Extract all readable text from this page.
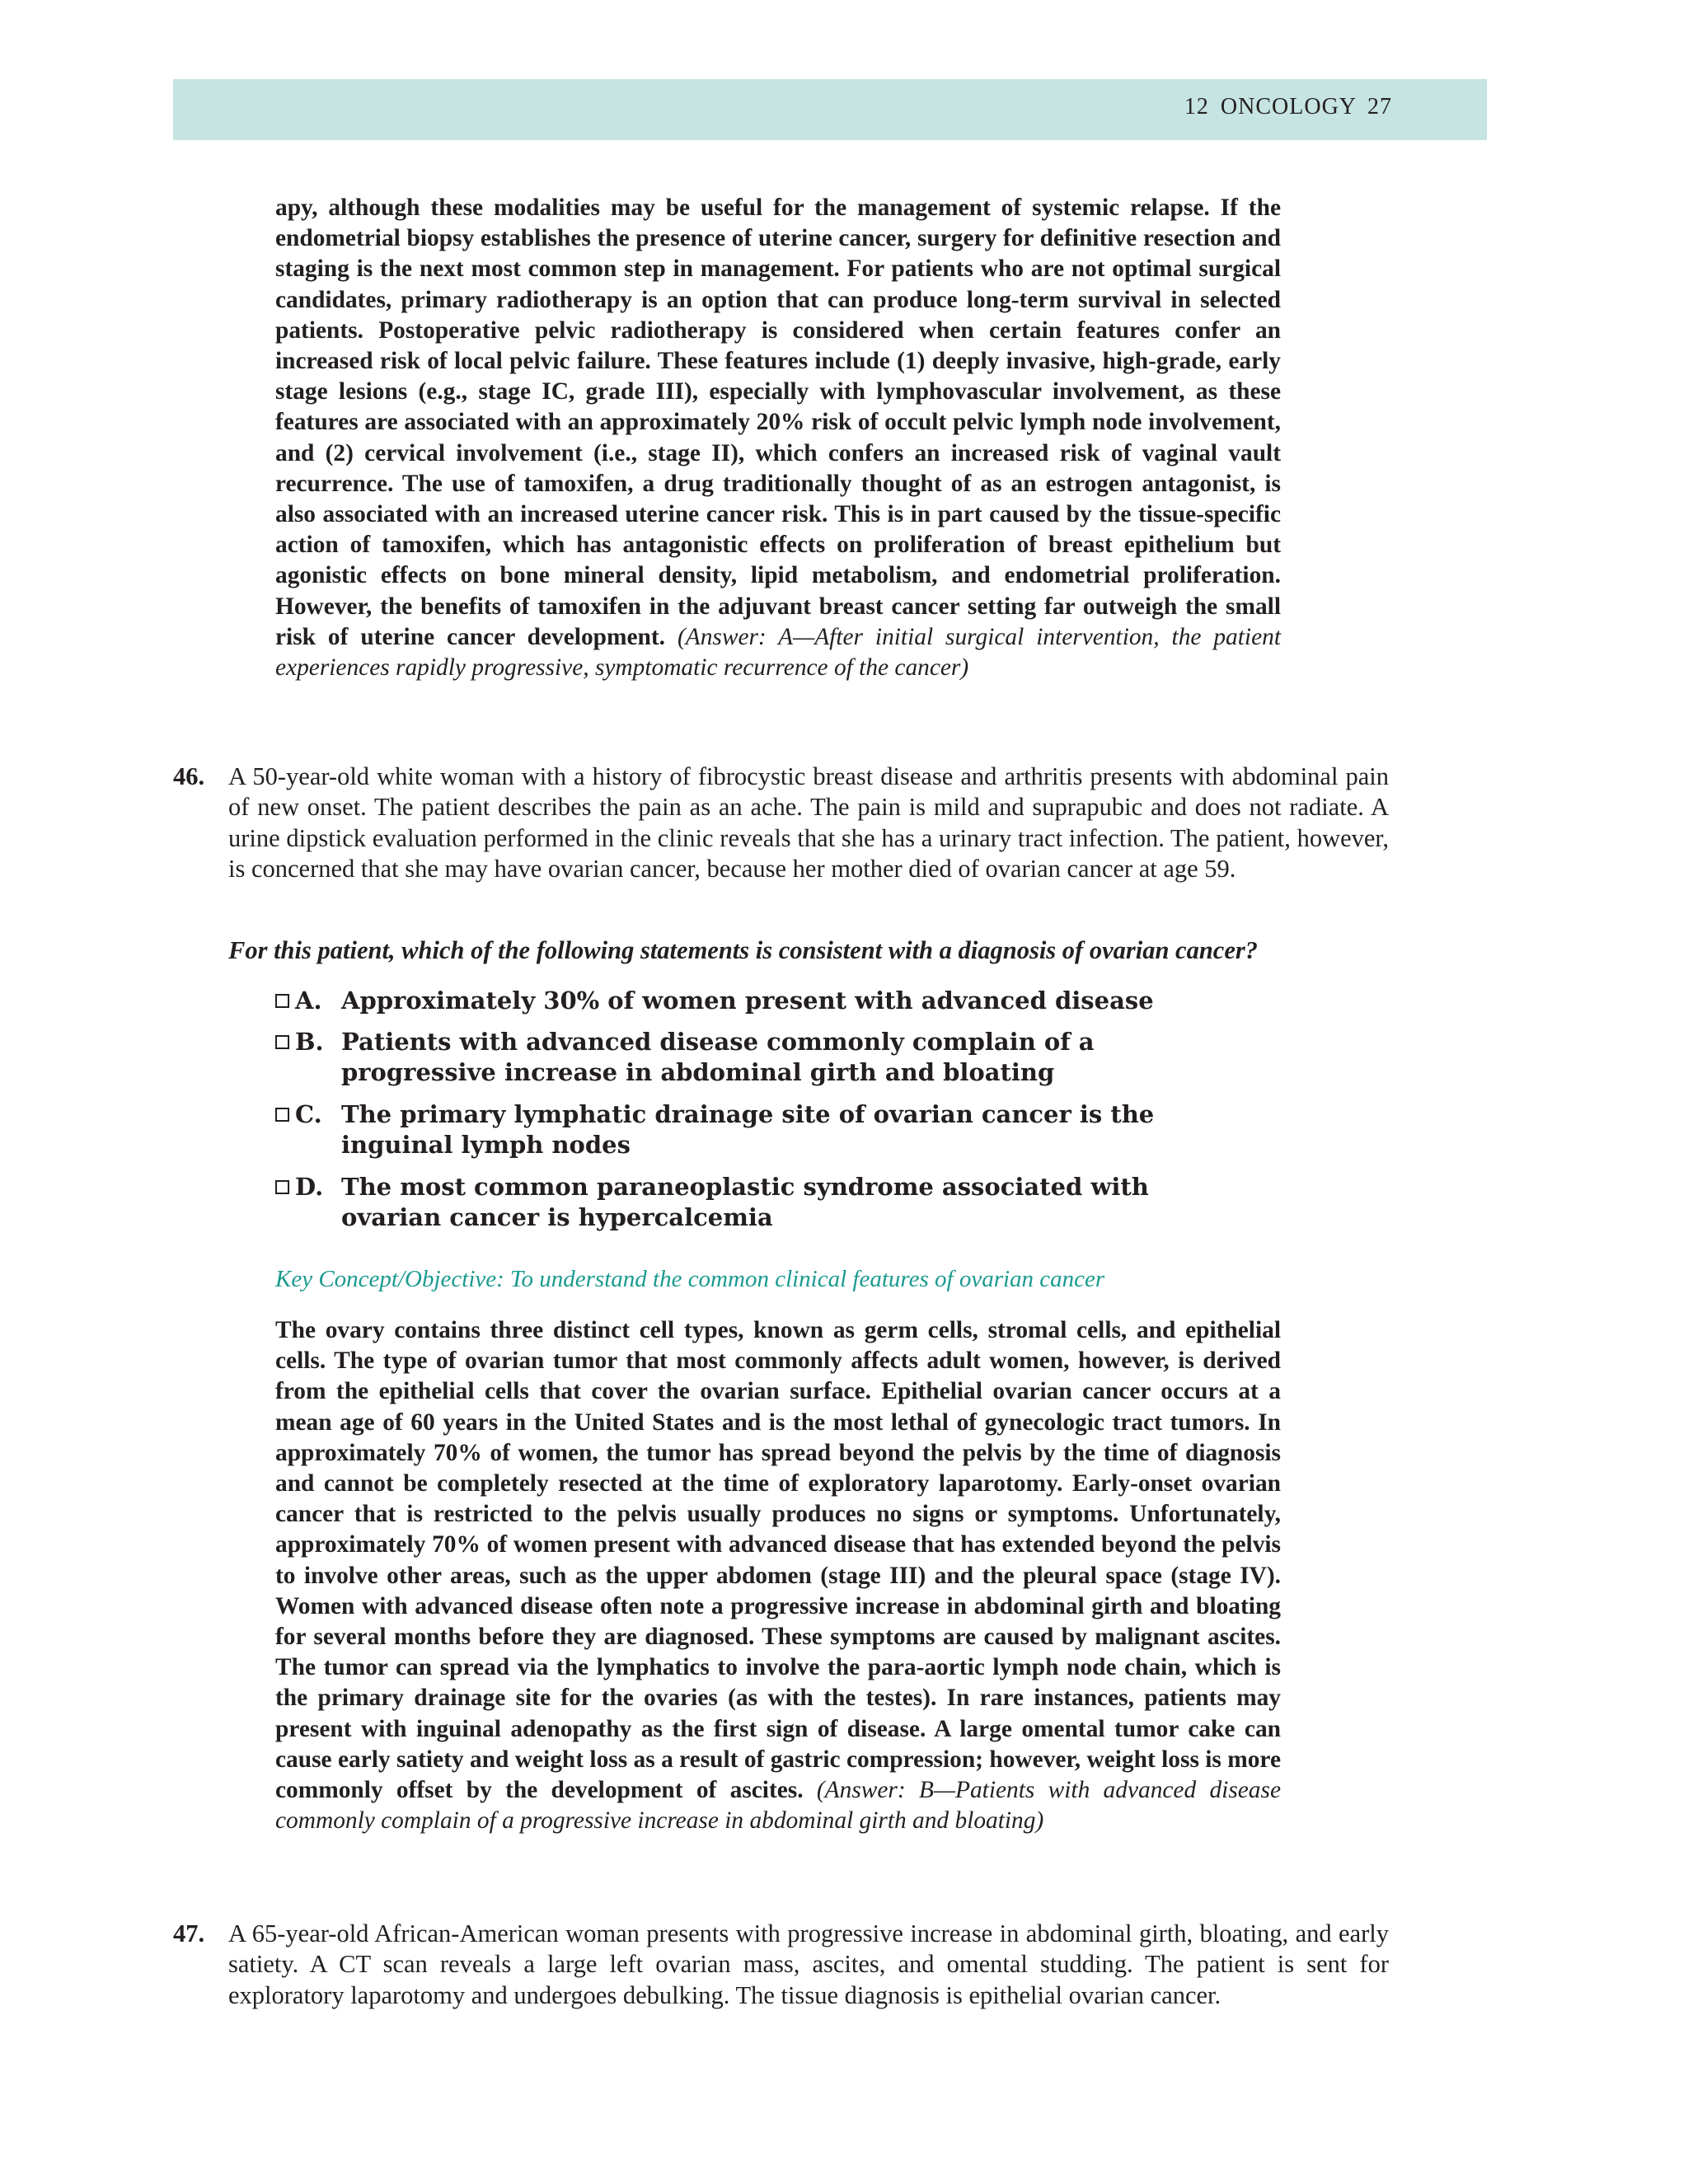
12 ONCOLOGY 27
apy, although these modalities may be useful for the management of systemic relapse. If the endometrial biopsy establishes the presence of uterine cancer, surgery for definitive resection and staging is the next most common step in management. For patients who are not optimal surgical candidates, primary radiotherapy is an option that can produce long-term survival in selected patients. Postoperative pelvic radiotherapy is considered when certain features confer an increased risk of local pelvic failure. These features include (1) deeply invasive, high-grade, early stage lesions (e.g., stage IC, grade III), especially with lymphovascular involvement, as these features are associated with an approximately 20% risk of occult pelvic lymph node involvement, and (2) cervical involvement (i.e., stage II), which confers an increased risk of vaginal vault recurrence. The use of tamoxifen, a drug traditionally thought of as an estrogen antagonist, is also associated with an increased uterine cancer risk. This is in part caused by the tissue-specific action of tamoxifen, which has antagonistic effects on proliferation of breast epithelium but agonistic effects on bone mineral density, lipid metabolism, and endometrial proliferation. However, the benefits of tamoxifen in the adjuvant breast cancer setting far outweigh the small risk of uterine cancer development. (Answer: A—After initial surgical intervention, the patient experiences rapidly progressive, symptomatic recurrence of the cancer)
46. A 50-year-old white woman with a history of fibrocystic breast disease and arthritis presents with abdominal pain of new onset. The patient describes the pain as an ache. The pain is mild and suprapubic and does not radiate. A urine dipstick evaluation performed in the clinic reveals that she has a urinary tract infection. The patient, however, is concerned that she may have ovarian cancer, because her mother died of ovarian cancer at age 59.
For this patient, which of the following statements is consistent with a diagnosis of ovarian cancer?
A. Approximately 30% of women present with advanced disease
B. Patients with advanced disease commonly complain of a progressive increase in abdominal girth and bloating
C. The primary lymphatic drainage site of ovarian cancer is the inguinal lymph nodes
D. The most common paraneoplastic syndrome associated with ovarian cancer is hypercalcemia
Key Concept/Objective: To understand the common clinical features of ovarian cancer
The ovary contains three distinct cell types, known as germ cells, stromal cells, and epithelial cells. The type of ovarian tumor that most commonly affects adult women, however, is derived from the epithelial cells that cover the ovarian surface. Epithelial ovarian cancer occurs at a mean age of 60 years in the United States and is the most lethal of gynecologic tract tumors. In approximately 70% of women, the tumor has spread beyond the pelvis by the time of diagnosis and cannot be completely resected at the time of exploratory laparotomy. Early-onset ovarian cancer that is restricted to the pelvis usually produces no signs or symptoms. Unfortunately, approximately 70% of women present with advanced disease that has extended beyond the pelvis to involve other areas, such as the upper abdomen (stage III) and the pleural space (stage IV). Women with advanced disease often note a progressive increase in abdominal girth and bloating for several months before they are diagnosed. These symptoms are caused by malignant ascites. The tumor can spread via the lymphatics to involve the para-aortic lymph node chain, which is the primary drainage site for the ovaries (as with the testes). In rare instances, patients may present with inguinal adenopathy as the first sign of disease. A large omental tumor cake can cause early satiety and weight loss as a result of gastric compression; however, weight loss is more commonly offset by the development of ascites. (Answer: B—Patients with advanced disease commonly complain of a progressive increase in abdominal girth and bloating)
47. A 65-year-old African-American woman presents with progressive increase in abdominal girth, bloating, and early satiety. A CT scan reveals a large left ovarian mass, ascites, and omental studding. The patient is sent for exploratory laparotomy and undergoes debulking. The tissue diagnosis is epithelial ovarian cancer.
